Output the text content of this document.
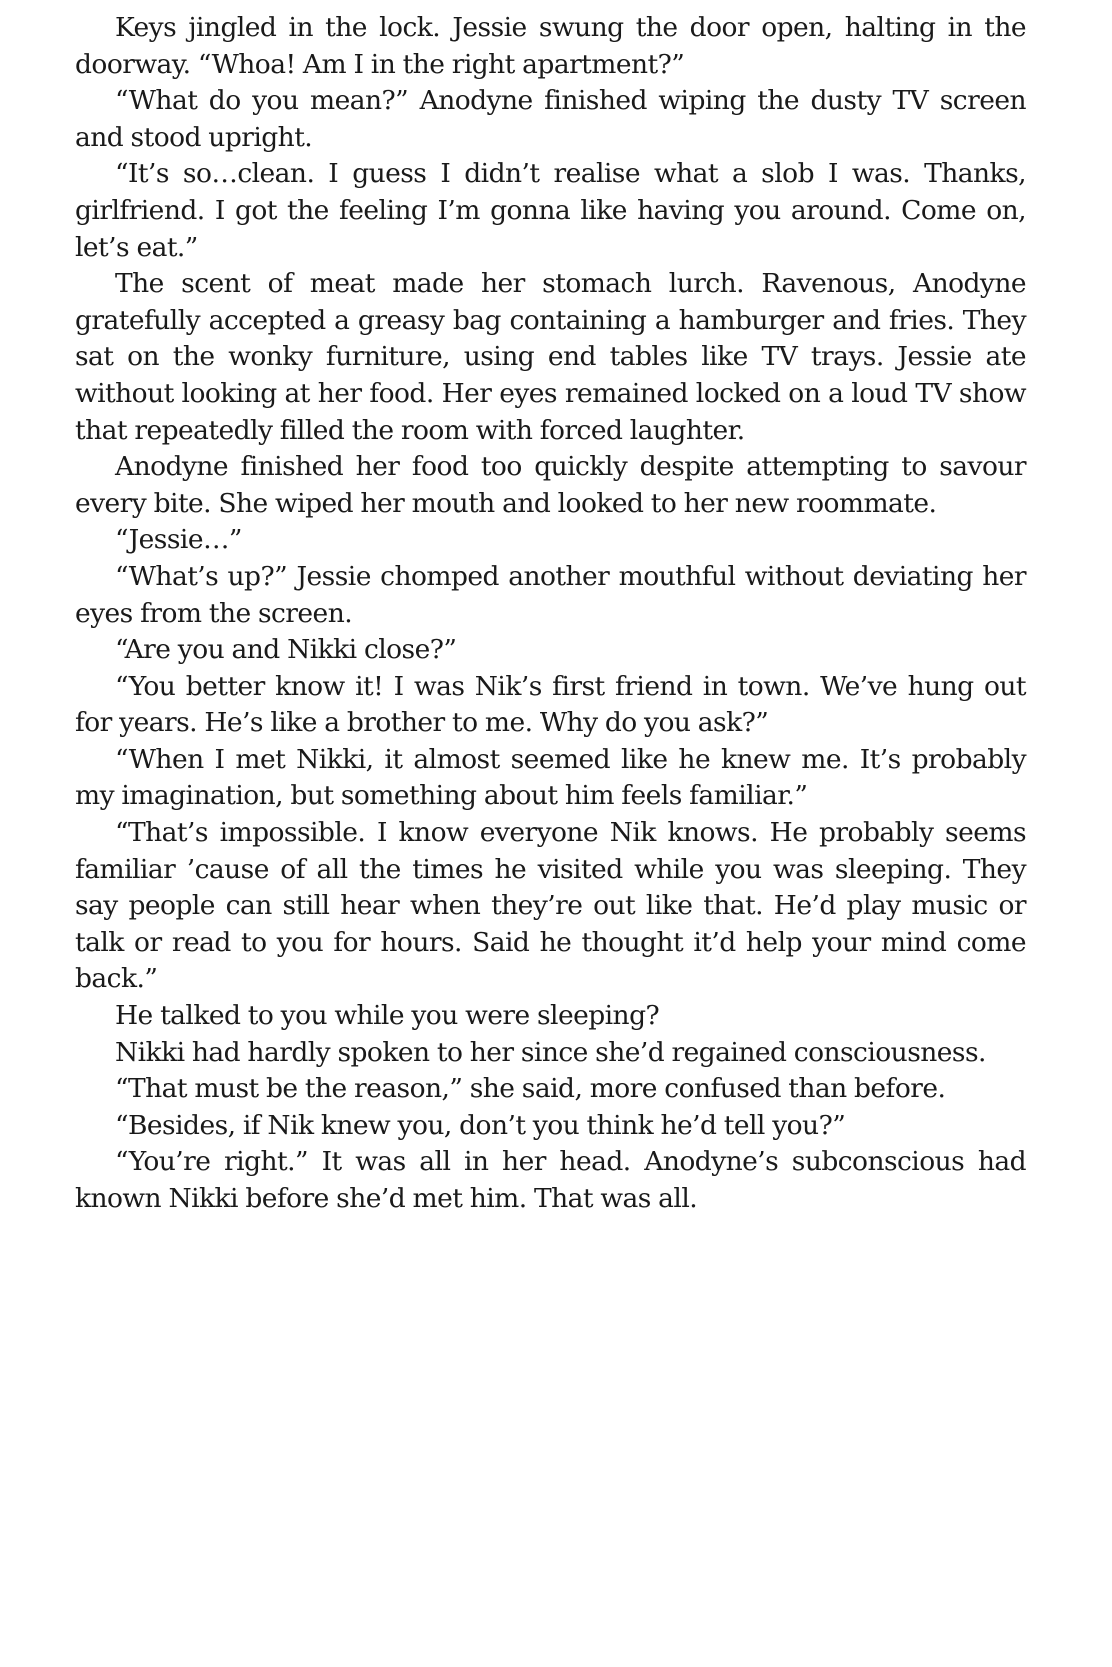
Keys jingled in the lock. Jessie swung the door open, halting in the doorway. “Whoa! Am I in the right apartment?”

“What do you mean?” Anodyne finished wiping the dusty TV screen and stood upright.

“It’s so…clean. I guess I didn’t realise what a slob I was. Thanks, girlfriend. I got the feeling I’m gonna like having you around. Come on, let’s eat.”

The scent of meat made her stomach lurch. Ravenous, Anodyne gratefully accepted a greasy bag containing a hamburger and fries. They sat on the wonky furniture, using end tables like TV trays. Jessie ate without looking at her food. Her eyes remained locked on a loud TV show that repeatedly filled the room with forced laughter.

Anodyne finished her food too quickly despite attempting to savour every bite. She wiped her mouth and looked to her new roommate.

“Jessie…”

“What’s up?” Jessie chomped another mouthful without deviating her eyes from the screen.

“Are you and Nikki close?”

“You better know it! I was Nik’s first friend in town. We’ve hung out for years. He’s like a brother to me. Why do you ask?”

“When I met Nikki, it almost seemed like he knew me. It’s probably my imagination, but something about him feels familiar.”

“That’s impossible. I know everyone Nik knows. He probably seems familiar ’cause of all the times he visited while you was sleeping. They say people can still hear when they’re out like that. He’d play music or talk or read to you for hours. Said he thought it’d help your mind come back.”

He talked to you while you were sleeping?

Nikki had hardly spoken to her since she’d regained consciousness.

“That must be the reason,” she said, more confused than before.

“Besides, if Nik knew you, don’t you think he’d tell you?”

“You’re right.” It was all in her head. Anodyne’s subconscious had known Nikki before she’d met him. That was all.
